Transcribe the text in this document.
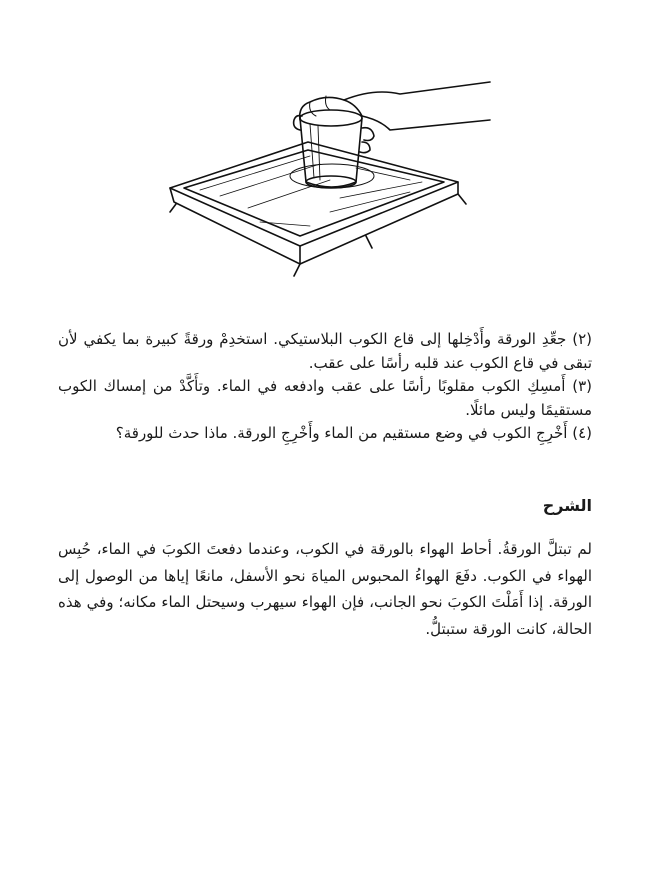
(٢) جعِّدِ الورقة وأَدْخِلها إلى قاع الكوب البلاستيكي. استخدِمْ ورقةً كبيرة بما يكفي لأن تبقى في قاع الكوب عند قلبه رأسًا على عقب.

(٣) أَمسِكِ الكوب مقلوبًا رأسًا على عقب وادفعه في الماء. وتأَكَّدْ من إمساك الكوب مستقيمًا وليس مائلًا.

(٤) أَخْرِجِ الكوب في وضع مستقيم من الماء وأَخْرِجِ الورقة. ماذا حدث للورقة؟

الشرح

لم تبتلَّ الورقةُ. أحاط الهواء بالورقة في الكوب، وعندما دفعتَ الكوبَ في الماء، حُبِس الهواء في الكوب. دفَعَ الهواءُ المحبوس المياهَ نحو الأسفل، مانعًا إياها من الوصول إلى الورقة. إذا أَمَلْتَ الكوبَ نحو الجانب، فإن الهواء سيهرب وسيحتل الماء مكانه؛ وفي هذه الحالة، كانت الورقة ستبتلُّ.
